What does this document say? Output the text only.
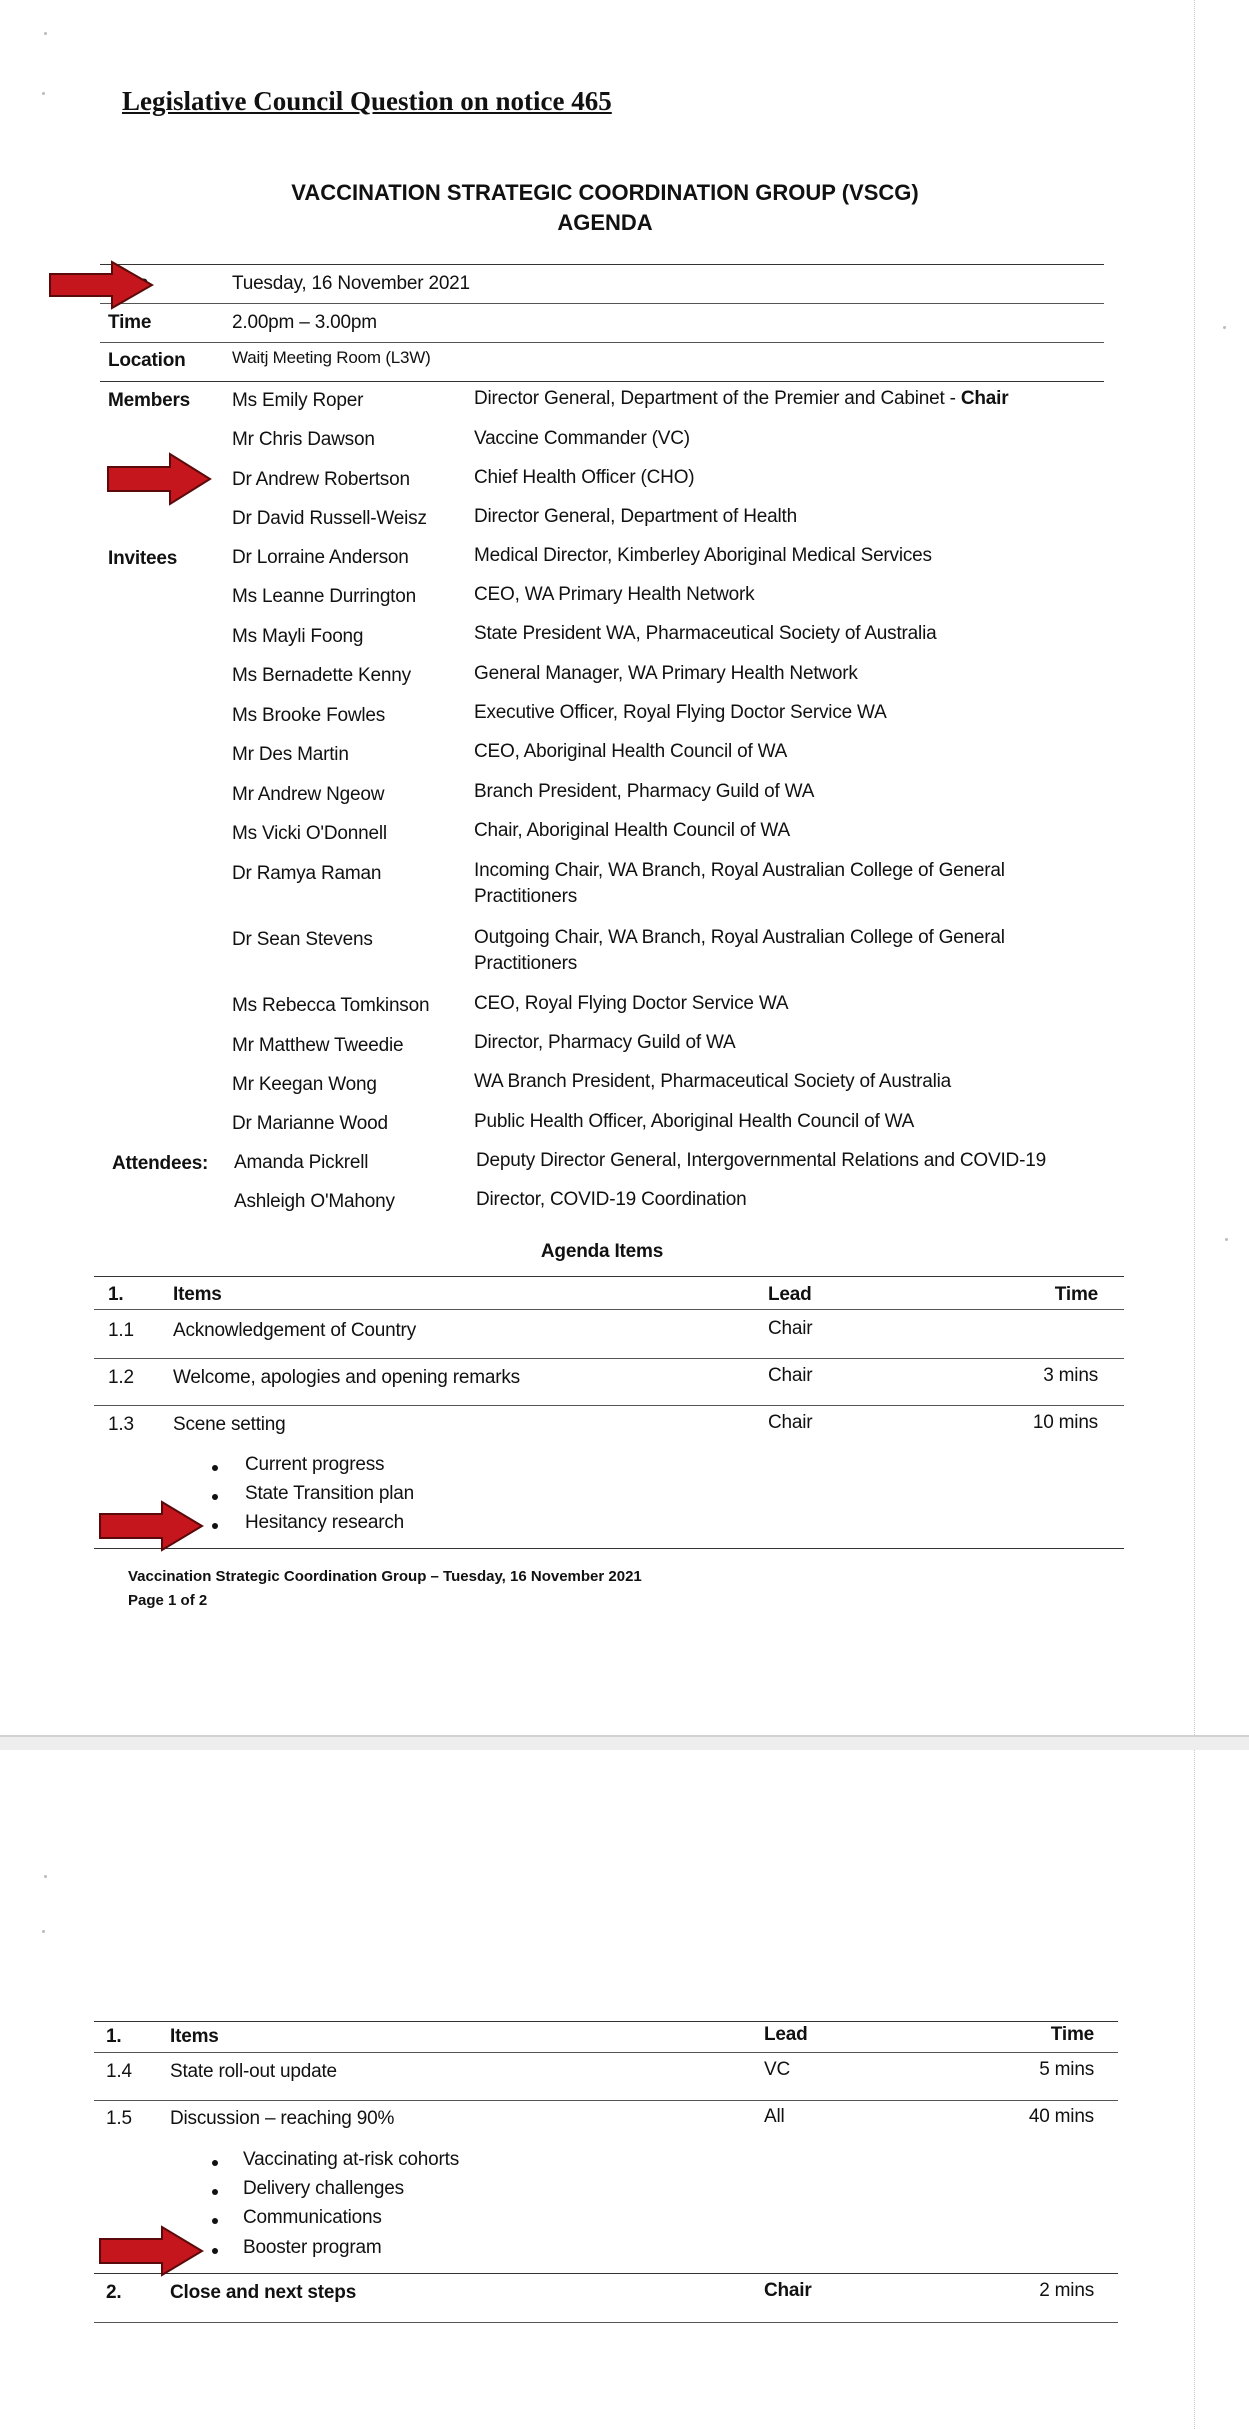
Legislative Council Question on notice 465
VACCINATION STRATEGIC COORDINATION GROUP (VSCG)
AGENDA
Tuesday, 16 November 2021
Time	2.00pm – 3.00pm
Location	Waitj Meeting Room (L3W)
Members Ms Emily Roper	Director General, Department of the Premier and Cabinet - Chair
Mr Chris Dawson	Vaccine Commander (VC)
Dr Andrew Robertson	Chief Health Officer (CHO)
Dr David Russell-Weisz Director General, Department of Health
Invitees	Dr Lorraine Anderson	Medical Director, Kimberley Aboriginal Medical Services
Ms Leanne Durrington	CEO, WA Primary Health Network
Ms Mayli Foong	State President WA, Pharmaceutical Society of Australia
Ms Bernadette Kenny	General Manager, WA Primary Health Network
Ms Brooke Fowles	Executive Officer, Royal Flying Doctor Service WA
Mr Des Martin	CEO, Aboriginal Health Council of WA
Mr Andrew Ngeow	Branch President, Pharmacy Guild of WA
Ms Vicki O'Donnell	Chair, Aboriginal Health Council of WA
Dr Ramya Raman	Incoming Chair, WA Branch, Royal Australian College of General Practitioners
Dr Sean Stevens	Outgoing Chair, WA Branch, Royal Australian College of General Practitioners
Ms Rebecca Tomkinson CEO, Royal Flying Doctor Service WA
Mr Matthew Tweedie	Director, Pharmacy Guild of WA
Mr Keegan Wong	WA Branch President, Pharmaceutical Society of Australia
Dr Marianne Wood	Public Health Officer, Aboriginal Health Council of WA
Attendees: Amanda Pickrell	Deputy Director General, Intergovernmental Relations and COVID-19
Ashleigh O'Mahony	Director, COVID-19 Coordination
Agenda Items
1.	Items	Lead	Time
1.1 Acknowledgement of Country	Chair
1.2 Welcome, apologies and opening remarks	Chair	3 mins
1.3 Scene setting	Chair	10 mins
Current progress
State Transition plan
Hesitancy research
Vaccination Strategic Coordination Group – Tuesday, 16 November 2021
Page 1 of 2
1.	Items	Lead	Time
1.4 State roll-out update	VC	5 mins
1.5 Discussion – reaching 90%	All	40 mins
Vaccinating at-risk cohorts
Delivery challenges
Communications
Booster program
2.	Close and next steps	Chair	2 mins
